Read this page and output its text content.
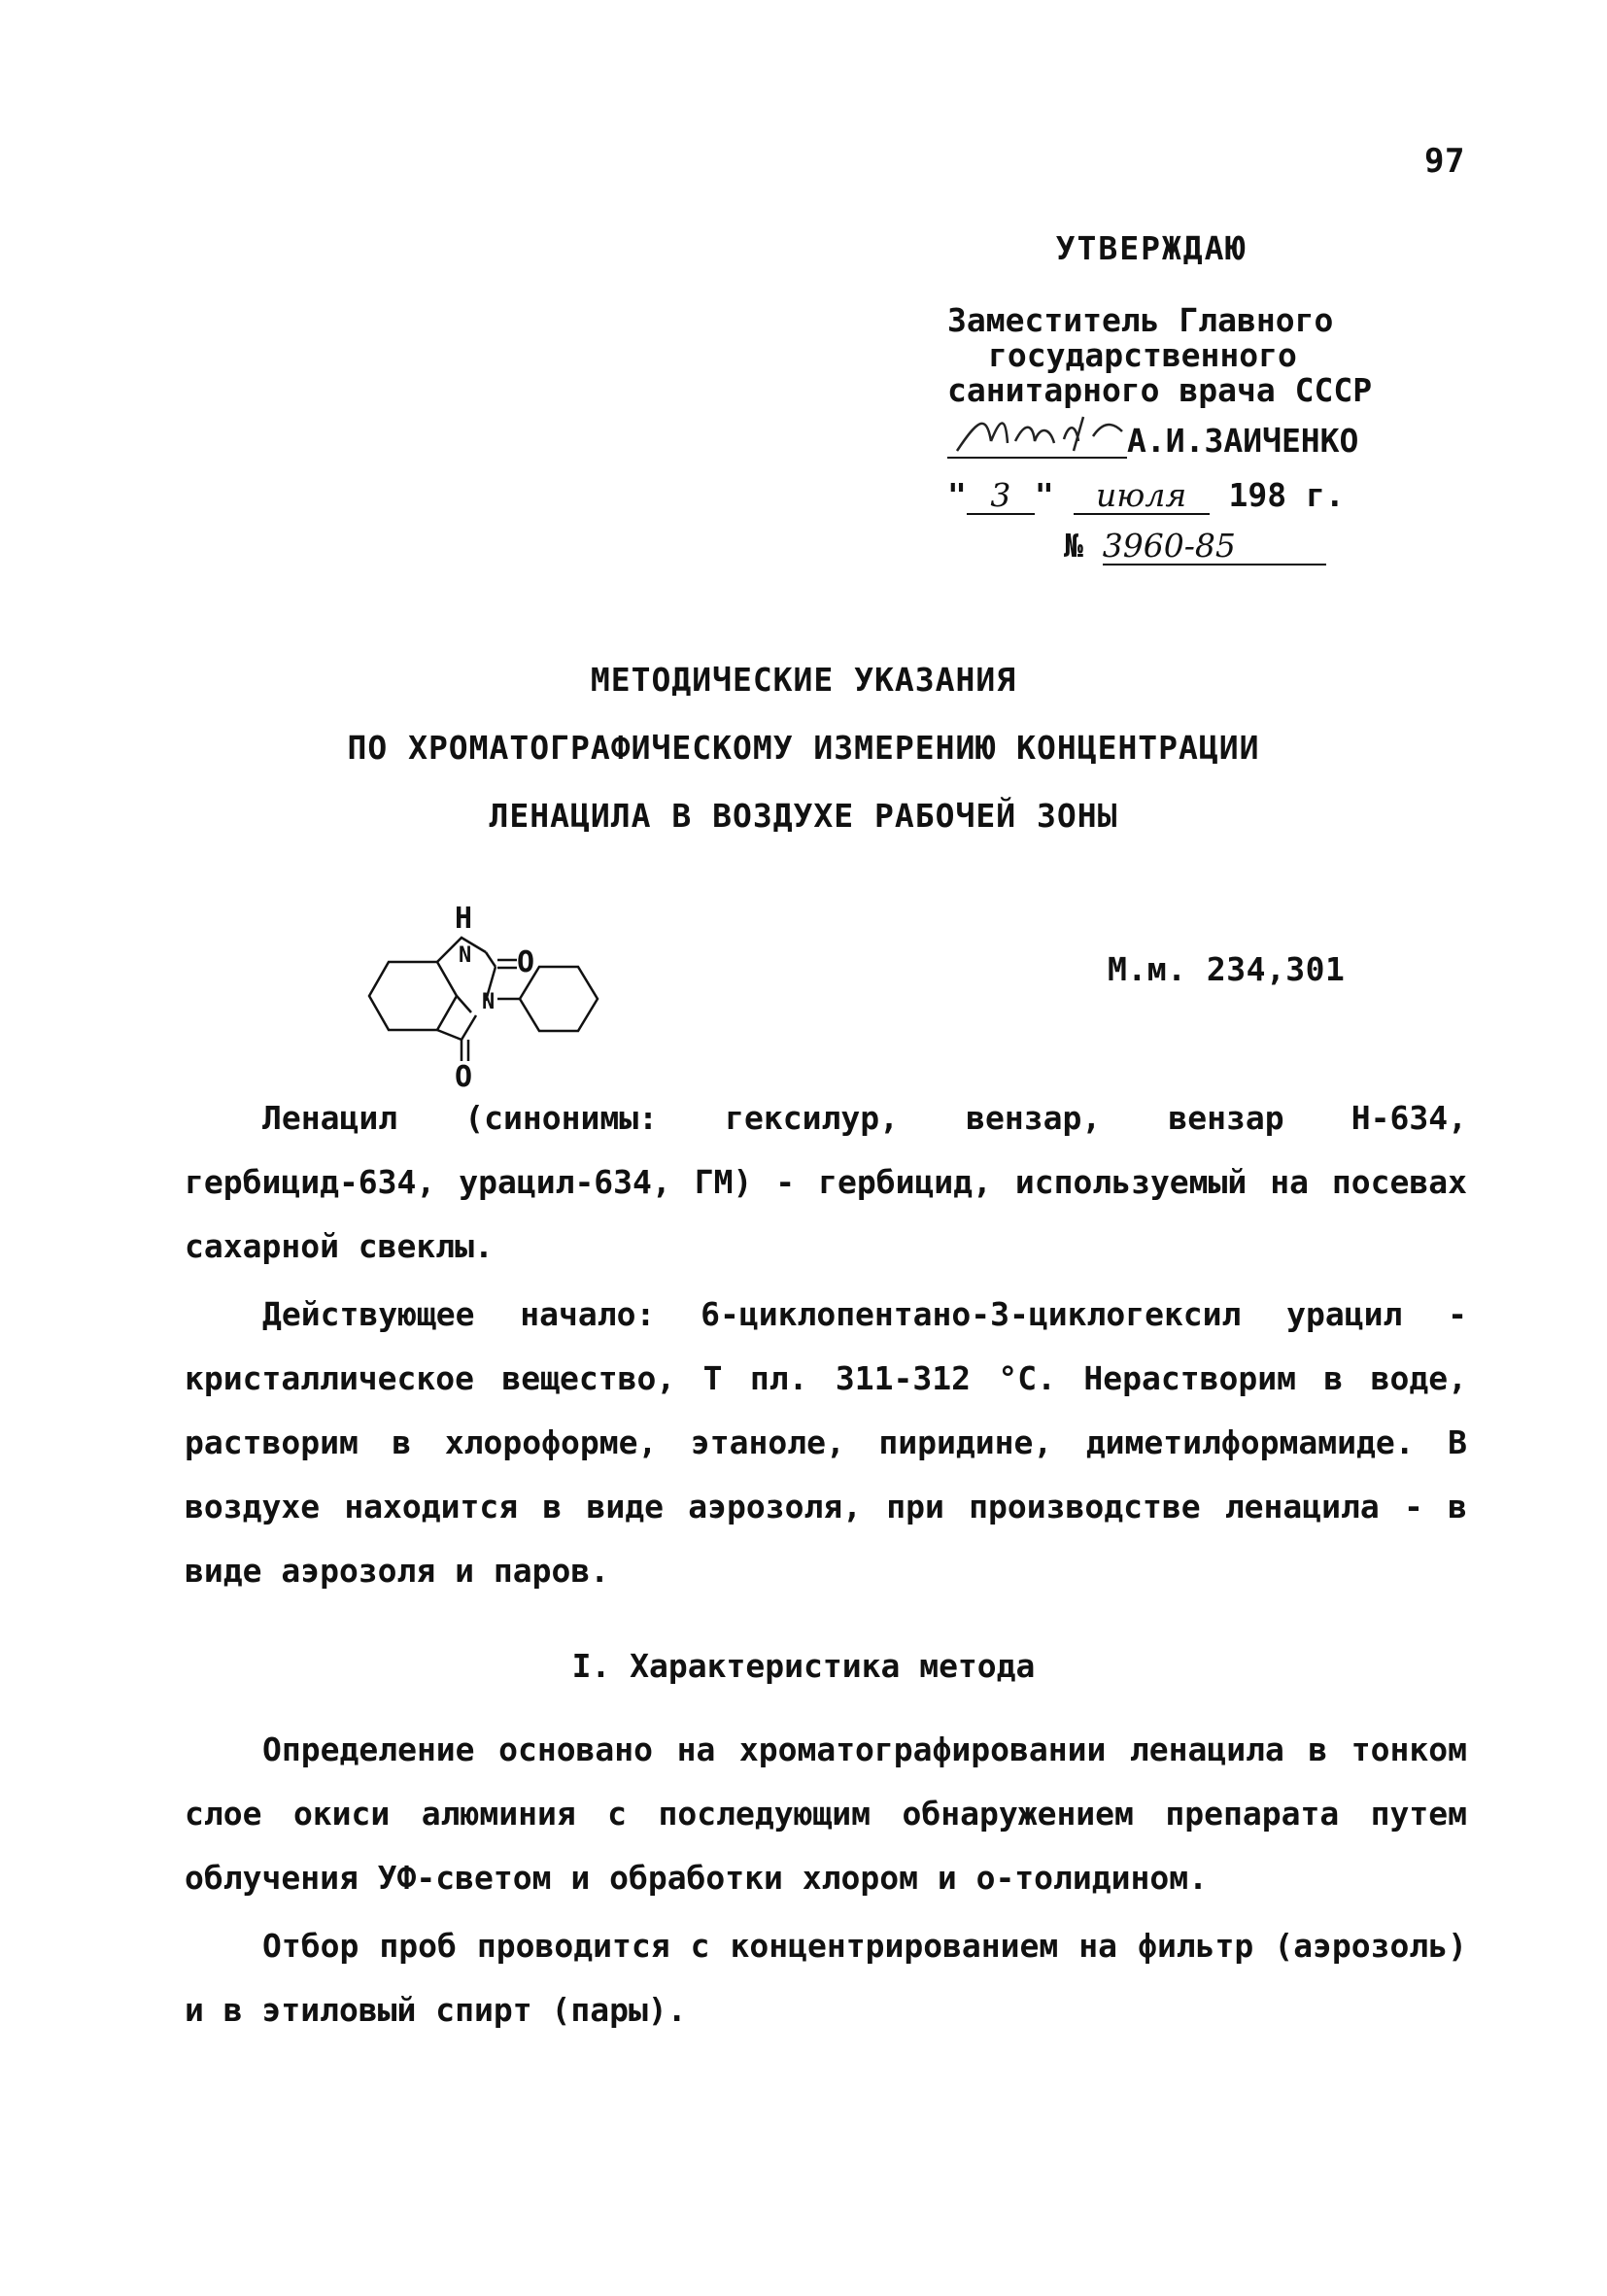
97
УТВЕРЖДАЮ
Заместитель Главного
государственного
санитарного врача СССР
А.И.ЗАИЧЕНКО
" 3 " июля 198 г.
№ 3960-85
МЕТОДИЧЕСКИЕ УКАЗАНИЯ
ПО ХРОМАТОГРАФИЧЕСКОМУ ИЗМЕРЕНИЮ КОНЦЕНТРАЦИИ
ЛЕНАЦИЛА В ВОЗДУХЕ РАБОЧЕЙ ЗОНЫ
H
N O
N
O
М.м. 234,301

Ленацил (синонимы: гексилур, вензар, вензар Н-634, гербицид-634, урацил-634, ГМ) - гербицид, используемый на посевах сахарной свеклы.

Действующее начало: 6-циклопентано-3-циклогексил урацил - кристаллическое вещество, Т пл. 311-312 °С. Нерастворим в воде, растворим в хлороформе, этаноле, пиридине, диметилформамиде. В воздухе находится в виде аэрозоля, при производстве ленацила - в виде аэрозоля и паров.

I. Характеристика метода

Определение основано на хроматографировании ленацила в тонком слое окиси алюминия с последующим обнаружением препарата путем облучения УФ-светом и обработки хлором и о-толидином.

Отбор проб проводится с концентрированием на фильтр (аэрозоль) и в этиловый спирт (пары).
